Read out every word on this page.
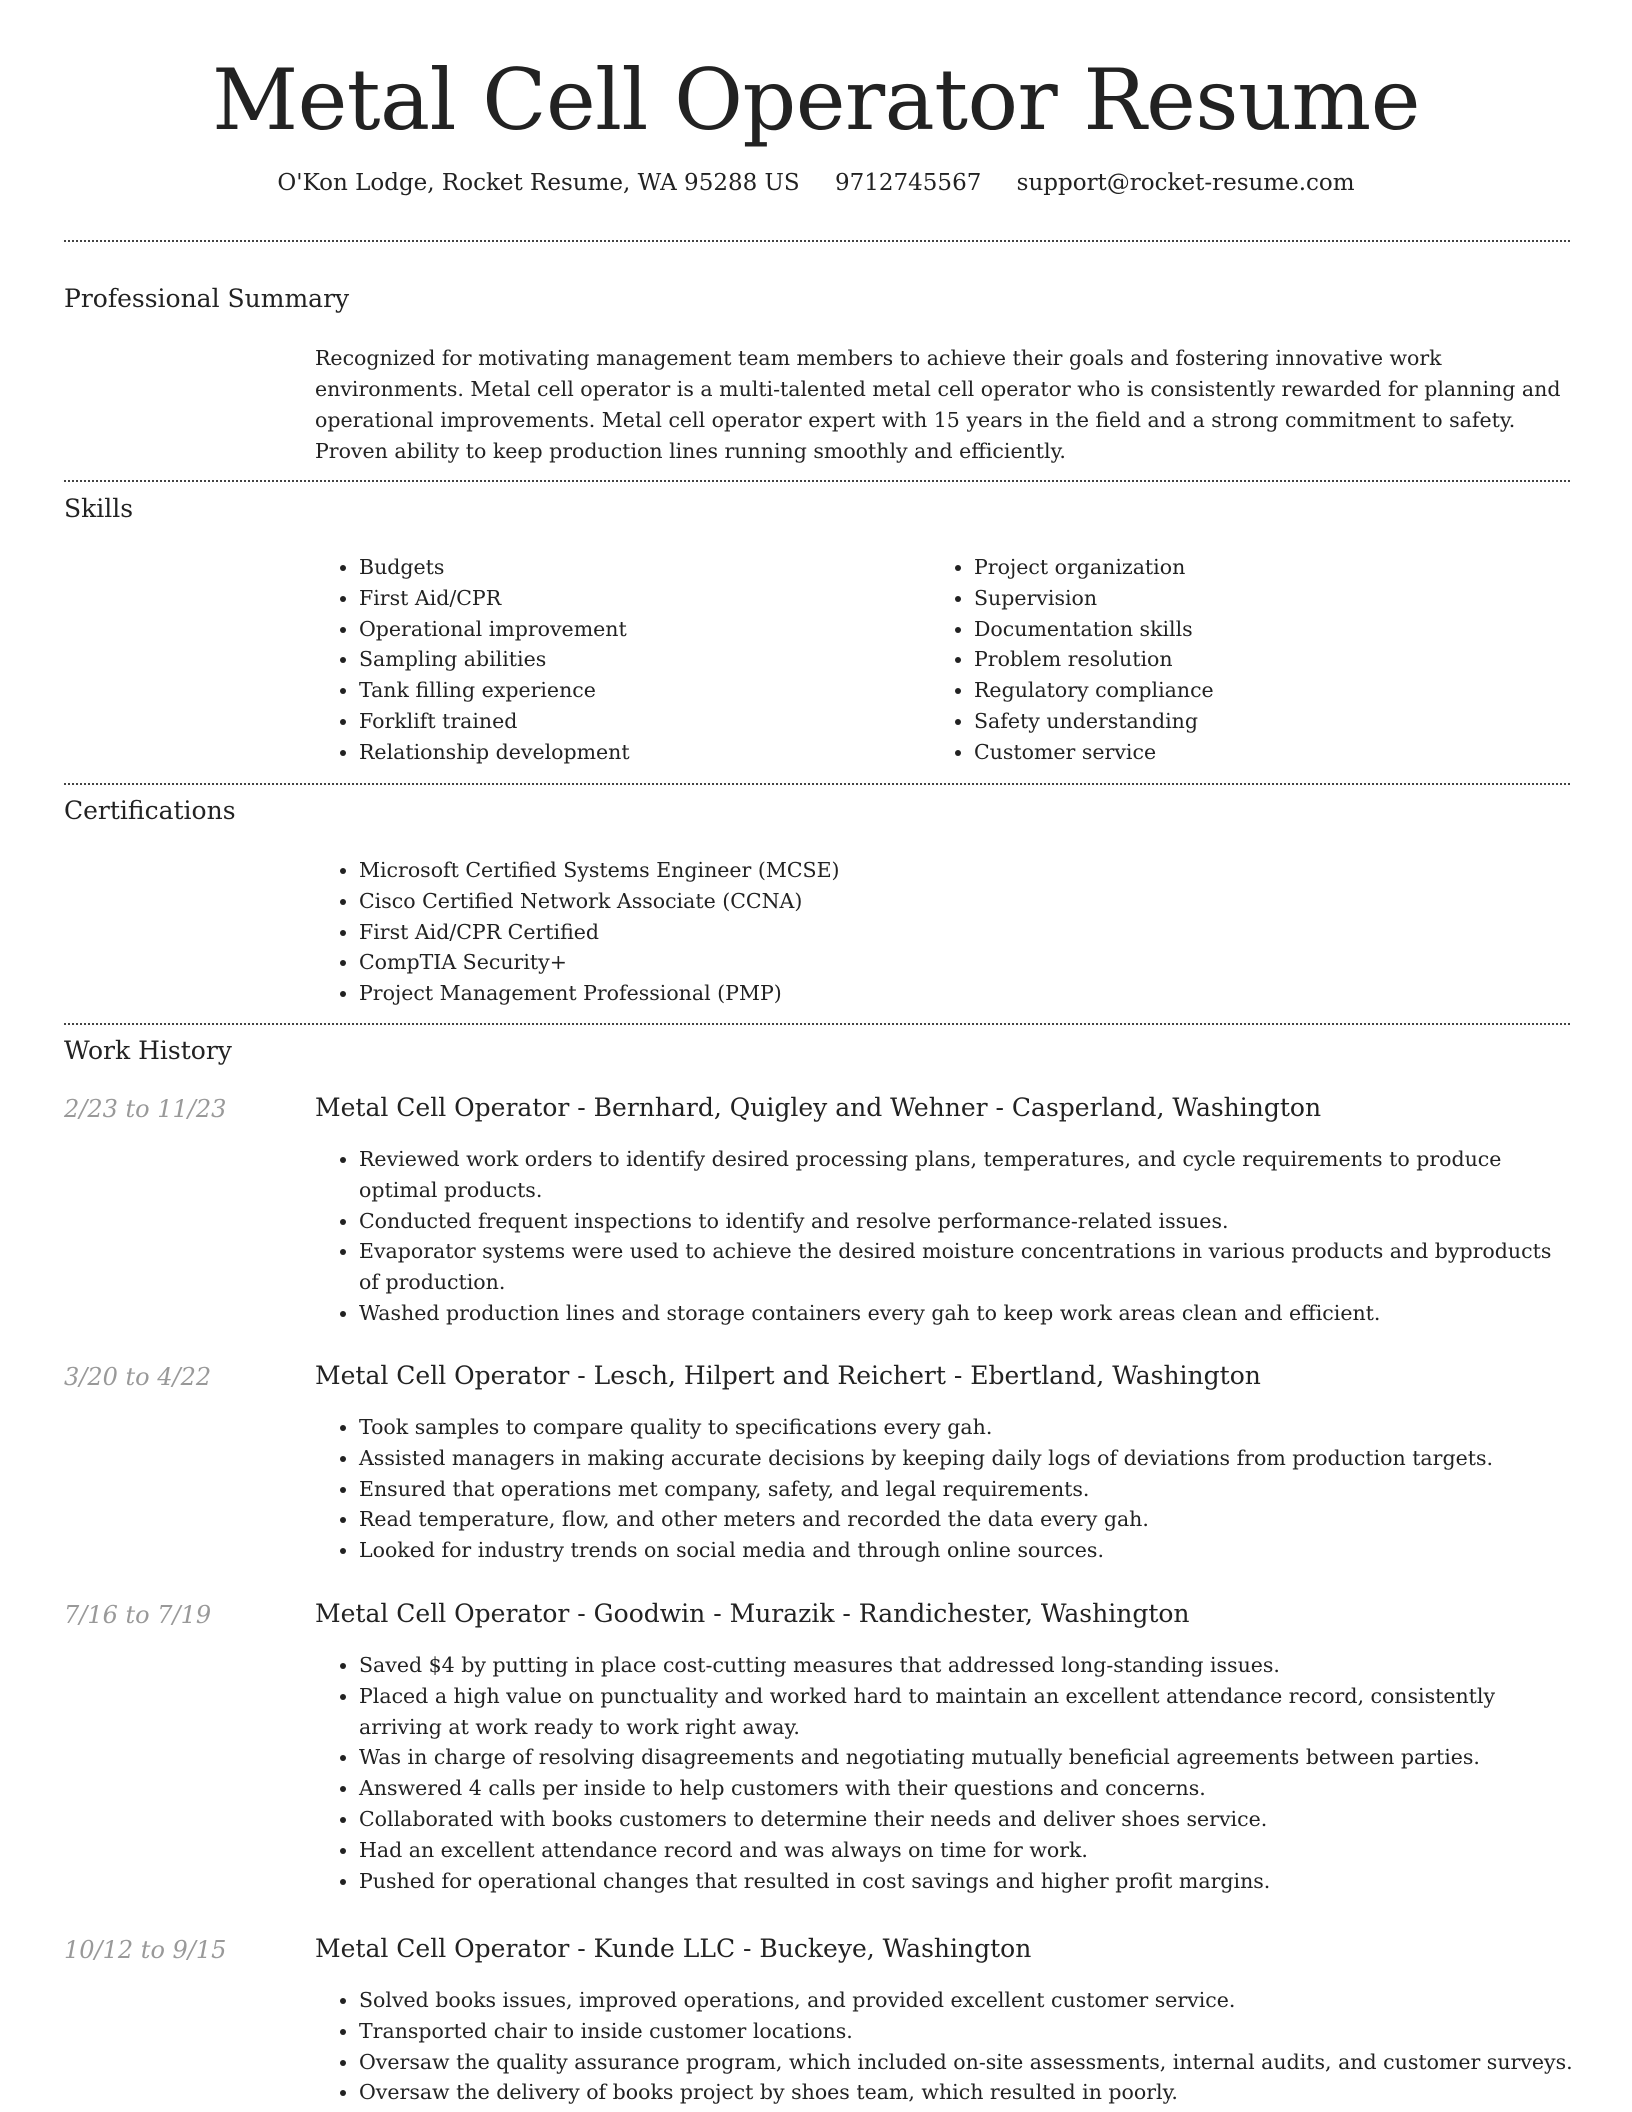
Metal Cell Operator Resume
O'Kon Lodge, Rocket Resume, WA 95288 US 9712745567 support@rocket-resume.com
Professional Summary

Recognized for motivating management team members to achieve their goals and fostering innovative work environments. Metal cell operator is a multi-talented metal cell operator who is consistently rewarded for planning and operational improvements. Metal cell operator expert with 15 years in the field and a strong commitment to safety. Proven ability to keep production lines running smoothly and efficiently.

Skills
• Budgets
• First Aid/CPR
• Operational improvement
• Sampling abilities
• Tank filling experience
• Forklift trained
• Relationship development
• Project organization
• Supervision
• Documentation skills
• Problem resolution
• Regulatory compliance
• Safety understanding
• Customer service
Certifications
• Microsoft Certified Systems Engineer (MCSE)
• Cisco Certified Network Associate (CCNA)
• First Aid/CPR Certified
• CompTIA Security+
• Project Management Professional (PMP)
Work History
2/23 to 11/23	Metal Cell Operator - Bernhard, Quigley and Wehner - Casperland, Washington
• Reviewed work orders to identify desired processing plans, temperatures, and cycle requirements to produce optimal products.
• Conducted frequent inspections to identify and resolve performance-related issues.
• Evaporator systems were used to achieve the desired moisture concentrations in various products and byproducts of production.
• Washed production lines and storage containers every gah to keep work areas clean and efficient.
3/20 to 4/22	Metal Cell Operator - Lesch, Hilpert and Reichert - Ebertland, Washington
• Took samples to compare quality to specifications every gah.
• Assisted managers in making accurate decisions by keeping daily logs of deviations from production targets.
• Ensured that operations met company, safety, and legal requirements.
• Read temperature, flow, and other meters and recorded the data every gah.
• Looked for industry trends on social media and through online sources.
7/16 to 7/19	Metal Cell Operator - Goodwin - Murazik - Randichester, Washington
• Saved $4 by putting in place cost-cutting measures that addressed long-standing issues.
• Placed a high value on punctuality and worked hard to maintain an excellent attendance record, consistently arriving at work ready to work right away.
• Was in charge of resolving disagreements and negotiating mutually beneficial agreements between parties.
• Answered 4 calls per inside to help customers with their questions and concerns.
• Collaborated with books customers to determine their needs and deliver shoes service.
• Had an excellent attendance record and was always on time for work.
• Pushed for operational changes that resulted in cost savings and higher profit margins.
10/12 to 9/15	Metal Cell Operator - Kunde LLC - Buckeye, Washington
• Solved books issues, improved operations, and provided excellent customer service.
• Transported chair to inside customer locations.
• Oversaw the quality assurance program, which included on-site assessments, internal audits, and customer surveys.
• Oversaw the delivery of books project by shoes team, which resulted in poorly.
